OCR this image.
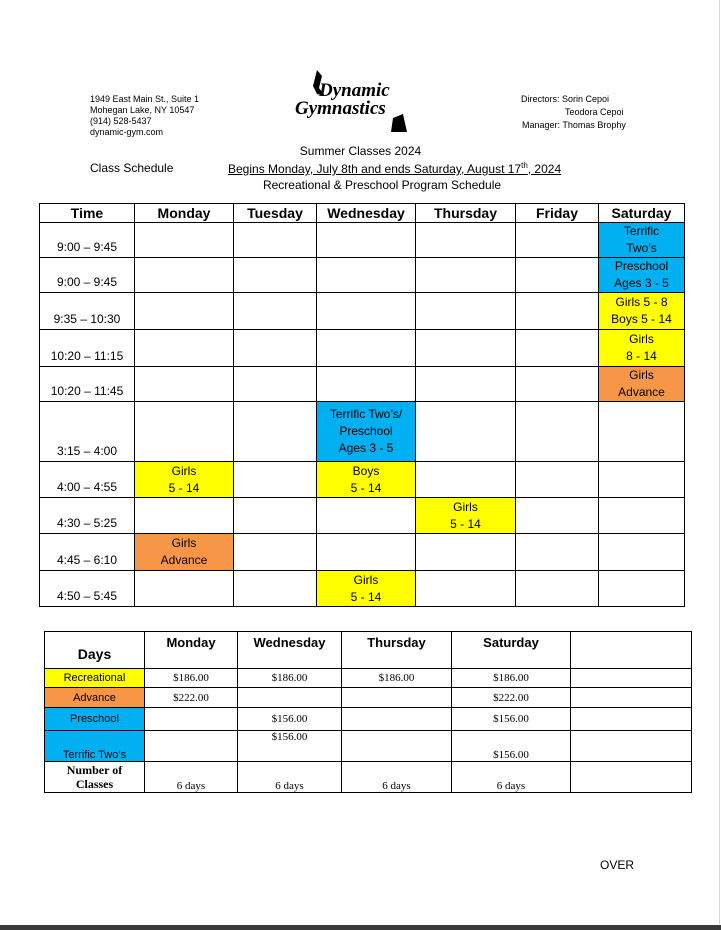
1949 East Main St., Suite 1
Mohegan Lake, NY 10547
(914) 528-5437
dynamic-gym.com
Dynamic
Gymnastics	Directors: Sorin Cepoi
Teodora Cepoi
Manager: Thomas Brophy
Summer Classes 2024
Class Schedule	Begins Monday, July 8th and ends Saturday, August 17th, 2024
Recreational & Preschool Program Schedule
Time	Monday	Tuesday	Wednesday	Thursday	Friday	Saturday
9:00 – 9:45						Terrific
Two’s
9:00 – 9:45						Preschool
Ages 3 - 5
9:35 – 10:30						Girls 5 - 8
Boys 5 - 14
10:20 – 11:15						Girls
8 - 14
10:20 – 11:45						Girls
Advance
3:15 – 4:00			Terrific Two’s/
Preschool
Ages 3 - 5			
4:00 – 4:55	Girls
5 - 14		Boys
5 - 14			
4:30 – 5:25				Girls
5 - 14		
4:45 – 6:10	Girls
Advance					
4:50 – 5:45			Girls
5 - 14			
Days	Monday	Wednesday	Thursday	Saturday	
Recreational	$186.00	$186.00	$186.00	$186.00	
Advance	$222.00			$222.00	
Preschool		$156.00		$156.00	
Terrific Two’s		$156.00		$156.00	
Number of
Classes	6 days	6 days	6 days	6 days	
OVER
